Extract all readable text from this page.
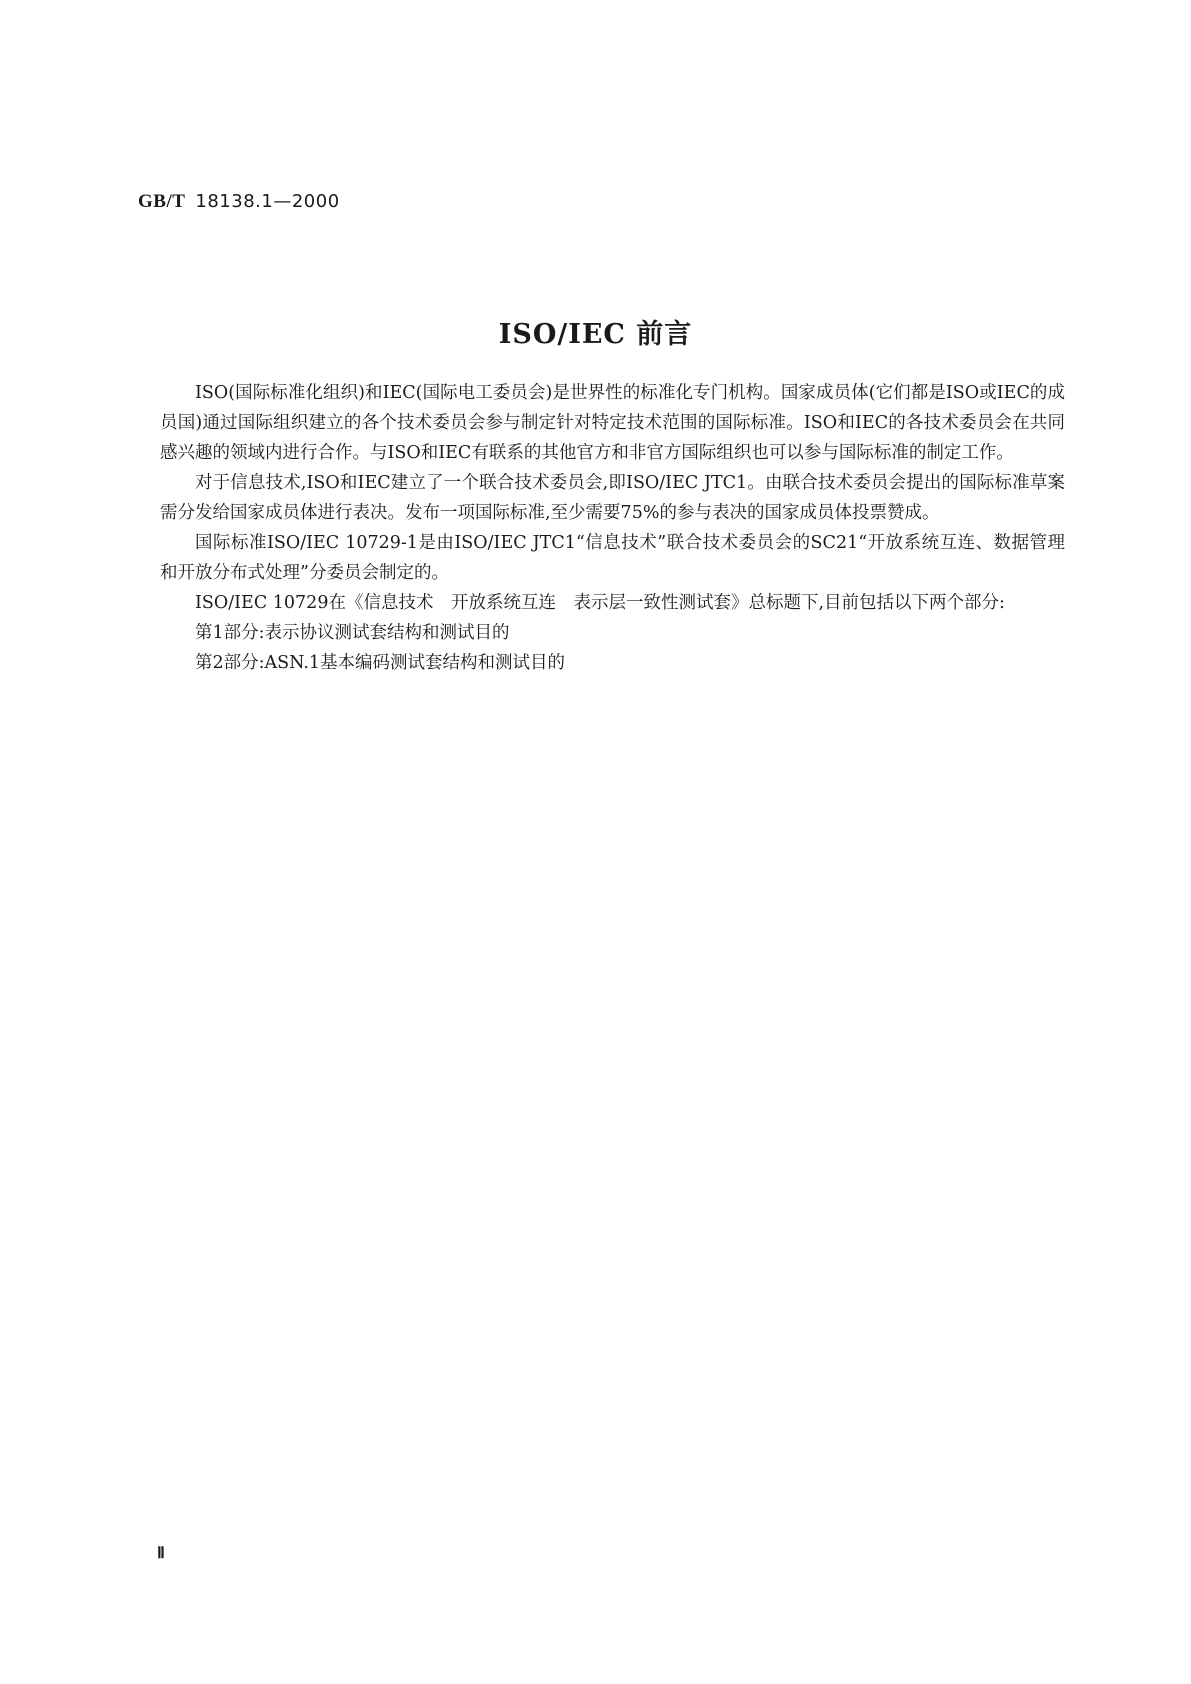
GB/T 18138.1—2000
ISO/IEC 前言

ISO(国际标准化组织)和IEC(国际电工委员会)是世界性的标准化专门机构。国家成员体(它们都是ISO或IEC的成员国)通过国际组织建立的各个技术委员会参与制定针对特定技术范围的国际标准。ISO和IEC的各技术委员会在共同感兴趣的领域内进行合作。与ISO和IEC有联系的其他官方和非官方国际组织也可以参与国际标准的制定工作。

对于信息技术,ISO和IEC建立了一个联合技术委员会,即ISO/IEC JTC1。由联合技术委员会提出的国际标准草案需分发给国家成员体进行表决。发布一项国际标准,至少需要75%的参与表决的国家成员体投票赞成。

国际标准ISO/IEC 10729-1是由ISO/IEC JTC1“信息技术”联合技术委员会的SC21“开放系统互连、数据管理和开放分布式处理”分委员会制定的。

ISO/IEC 10729在《信息技术　开放系统互连　表示层一致性测试套》总标题下,目前包括以下两个部分:

第1部分:表示协议测试套结构和测试目的

第2部分:ASN.1基本编码测试套结构和测试目的

Ⅱ
